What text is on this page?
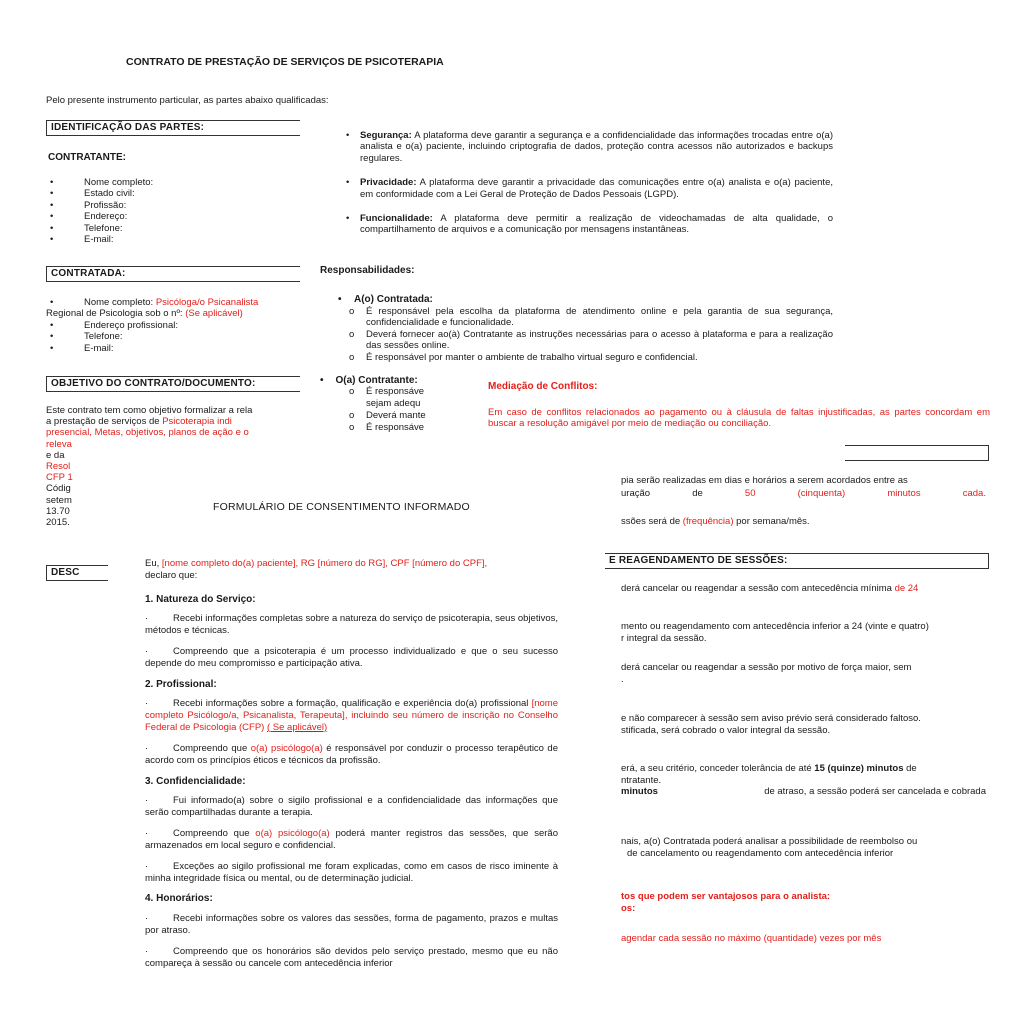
CONTRATO DE PRESTAÇÃO DE SERVIÇOS DE PSICOTERAPIA
Pelo presente instrumento particular, as partes abaixo qualificadas:
IDENTIFICAÇÃO DAS PARTES:
CONTRATANTE:
• Nome completo:
• Estado civil:
• Profissão:
• Endereço:
• Telefone:
• E-mail:
CONTRATADA:
• Nome completo: Psicóloga/o Psicanalista
Regional de Psicologia sob o nº: (Se aplicável)
• Endereço profissional:
• Telefone:
• E-mail:
OBJETIVO DO CONTRATO/DOCUMENTO:
Este contrato tem como objetivo formalizar a rela
a prestação de serviços de Psicoterapia indi
presencial, Metas, objetivos, planos de ação e o
releva
e da
Resol
CFP 1
Códig
setem
13.70
2015.
DESC
pia serão realizadas em dias e horários a serem acordados entre as
uração	de	50	(cinquenta)	minutos	cada.
ssões será de (frequência) por semana/mês.
E REAGENDAMENTO DE SESSÕES:
derá cancelar ou reagendar a sessão com antecedência mínima de 24
mento ou reagendamento com antecedência inferior a 24 (vinte e quatro)
r integral da sessão.
derá cancelar ou reagendar a sessão por motivo de força maior, sem
.
e não comparecer à sessão sem aviso prévio será considerado faltoso.
stificada, será cobrado o valor integral da sessão.
erá, a seu critério, conceder tolerância de até 15 (quinze) minutos de
ntratante.
minutos	de atraso, a sessão poderá ser cancelada e cobrada
nais, a(o) Contratada poderá analisar a possibilidade de reembolso ou
de cancelamento ou reagendamento com antecedência inferior
tos que podem ser vantajosos para o analista:
os:
agendar cada sessão no máximo (quantidade) vezes por mês
• Segurança: A plataforma deve garantir a segurança e a confidencialidade das informações trocadas entre o(a) analista e o(a) paciente, incluindo criptografia de dados, proteção contra acessos não autorizados e backups regulares.
• Privacidade: A plataforma deve garantir a privacidade das comunicações entre o(a) analista e o(a) paciente, em conformidade com a Lei Geral de Proteção de Dados Pessoais (LGPD).
• Funcionalidade: A plataforma deve permitir a realização de videochamadas de alta qualidade, o compartilhamento de arquivos e a comunicação por mensagens instantâneas.
Responsabilidades:
• A(o) Contratada:
o É responsável pela escolha da plataforma de atendimento online e pela garantia de sua segurança, confidencialidade e funcionalidade.
o Deverá fornecer ao(à) Contratante as instruções necessárias para o acesso à plataforma e para a realização das sessões online.
o É responsável por manter o ambiente de trabalho virtual seguro e confidencial.
• O(a) Contratante:
o É responsáve
sejam adequ
o Deverá mante
o É responsáve
Mediação de Conflitos:
Em caso de conflitos relacionados ao pagamento ou à cláusula de faltas injustificadas, as partes concordam em buscar a resolução amigável por meio de mediação ou conciliação.
FORMULÁRIO DE CONSENTIMENTO INFORMADO
Eu, [nome completo do(a) paciente], RG [número do RG], CPF [número do CPF],
declaro que:
1. Natureza do Serviço:

·	Recebi informações completas sobre a natureza do serviço de psicoterapia, seus objetivos, métodos e técnicas.

·	Compreendo que a psicoterapia é um processo individualizado e que o seu sucesso depende do meu compromisso e participação ativa.

2. Profissional:

·	Recebi informações sobre a formação, qualificação e experiência do(a) profissional [nome completo Psicólogo/a, Psicanalista, Terapeuta], incluindo seu número de inscrição no Conselho Federal de Psicologia (CFP) ( Se aplicável)

·	Compreendo que o(a) psicólogo(a) é responsável por conduzir o processo terapêutico de acordo com os princípios éticos e técnicos da profissão.

3. Confidencialidade:

·	Fui informado(a) sobre o sigilo profissional e a confidencialidade das informações que serão compartilhadas durante a terapia.

·	Compreendo que o(a) psicólogo(a) poderá manter registros das sessões, que serão armazenados em local seguro e confidencial.

·	Exceções ao sigilo profissional me foram explicadas, como em casos de risco iminente à minha integridade física ou mental, ou de determinação judicial.

4. Honorários:

·	Recebi informações sobre os valores das sessões, forma de pagamento, prazos e multas por atraso.

·	Compreendo que os honorários são devidos pelo serviço prestado, mesmo que eu não compareça à sessão ou cancele com antecedência inferior
